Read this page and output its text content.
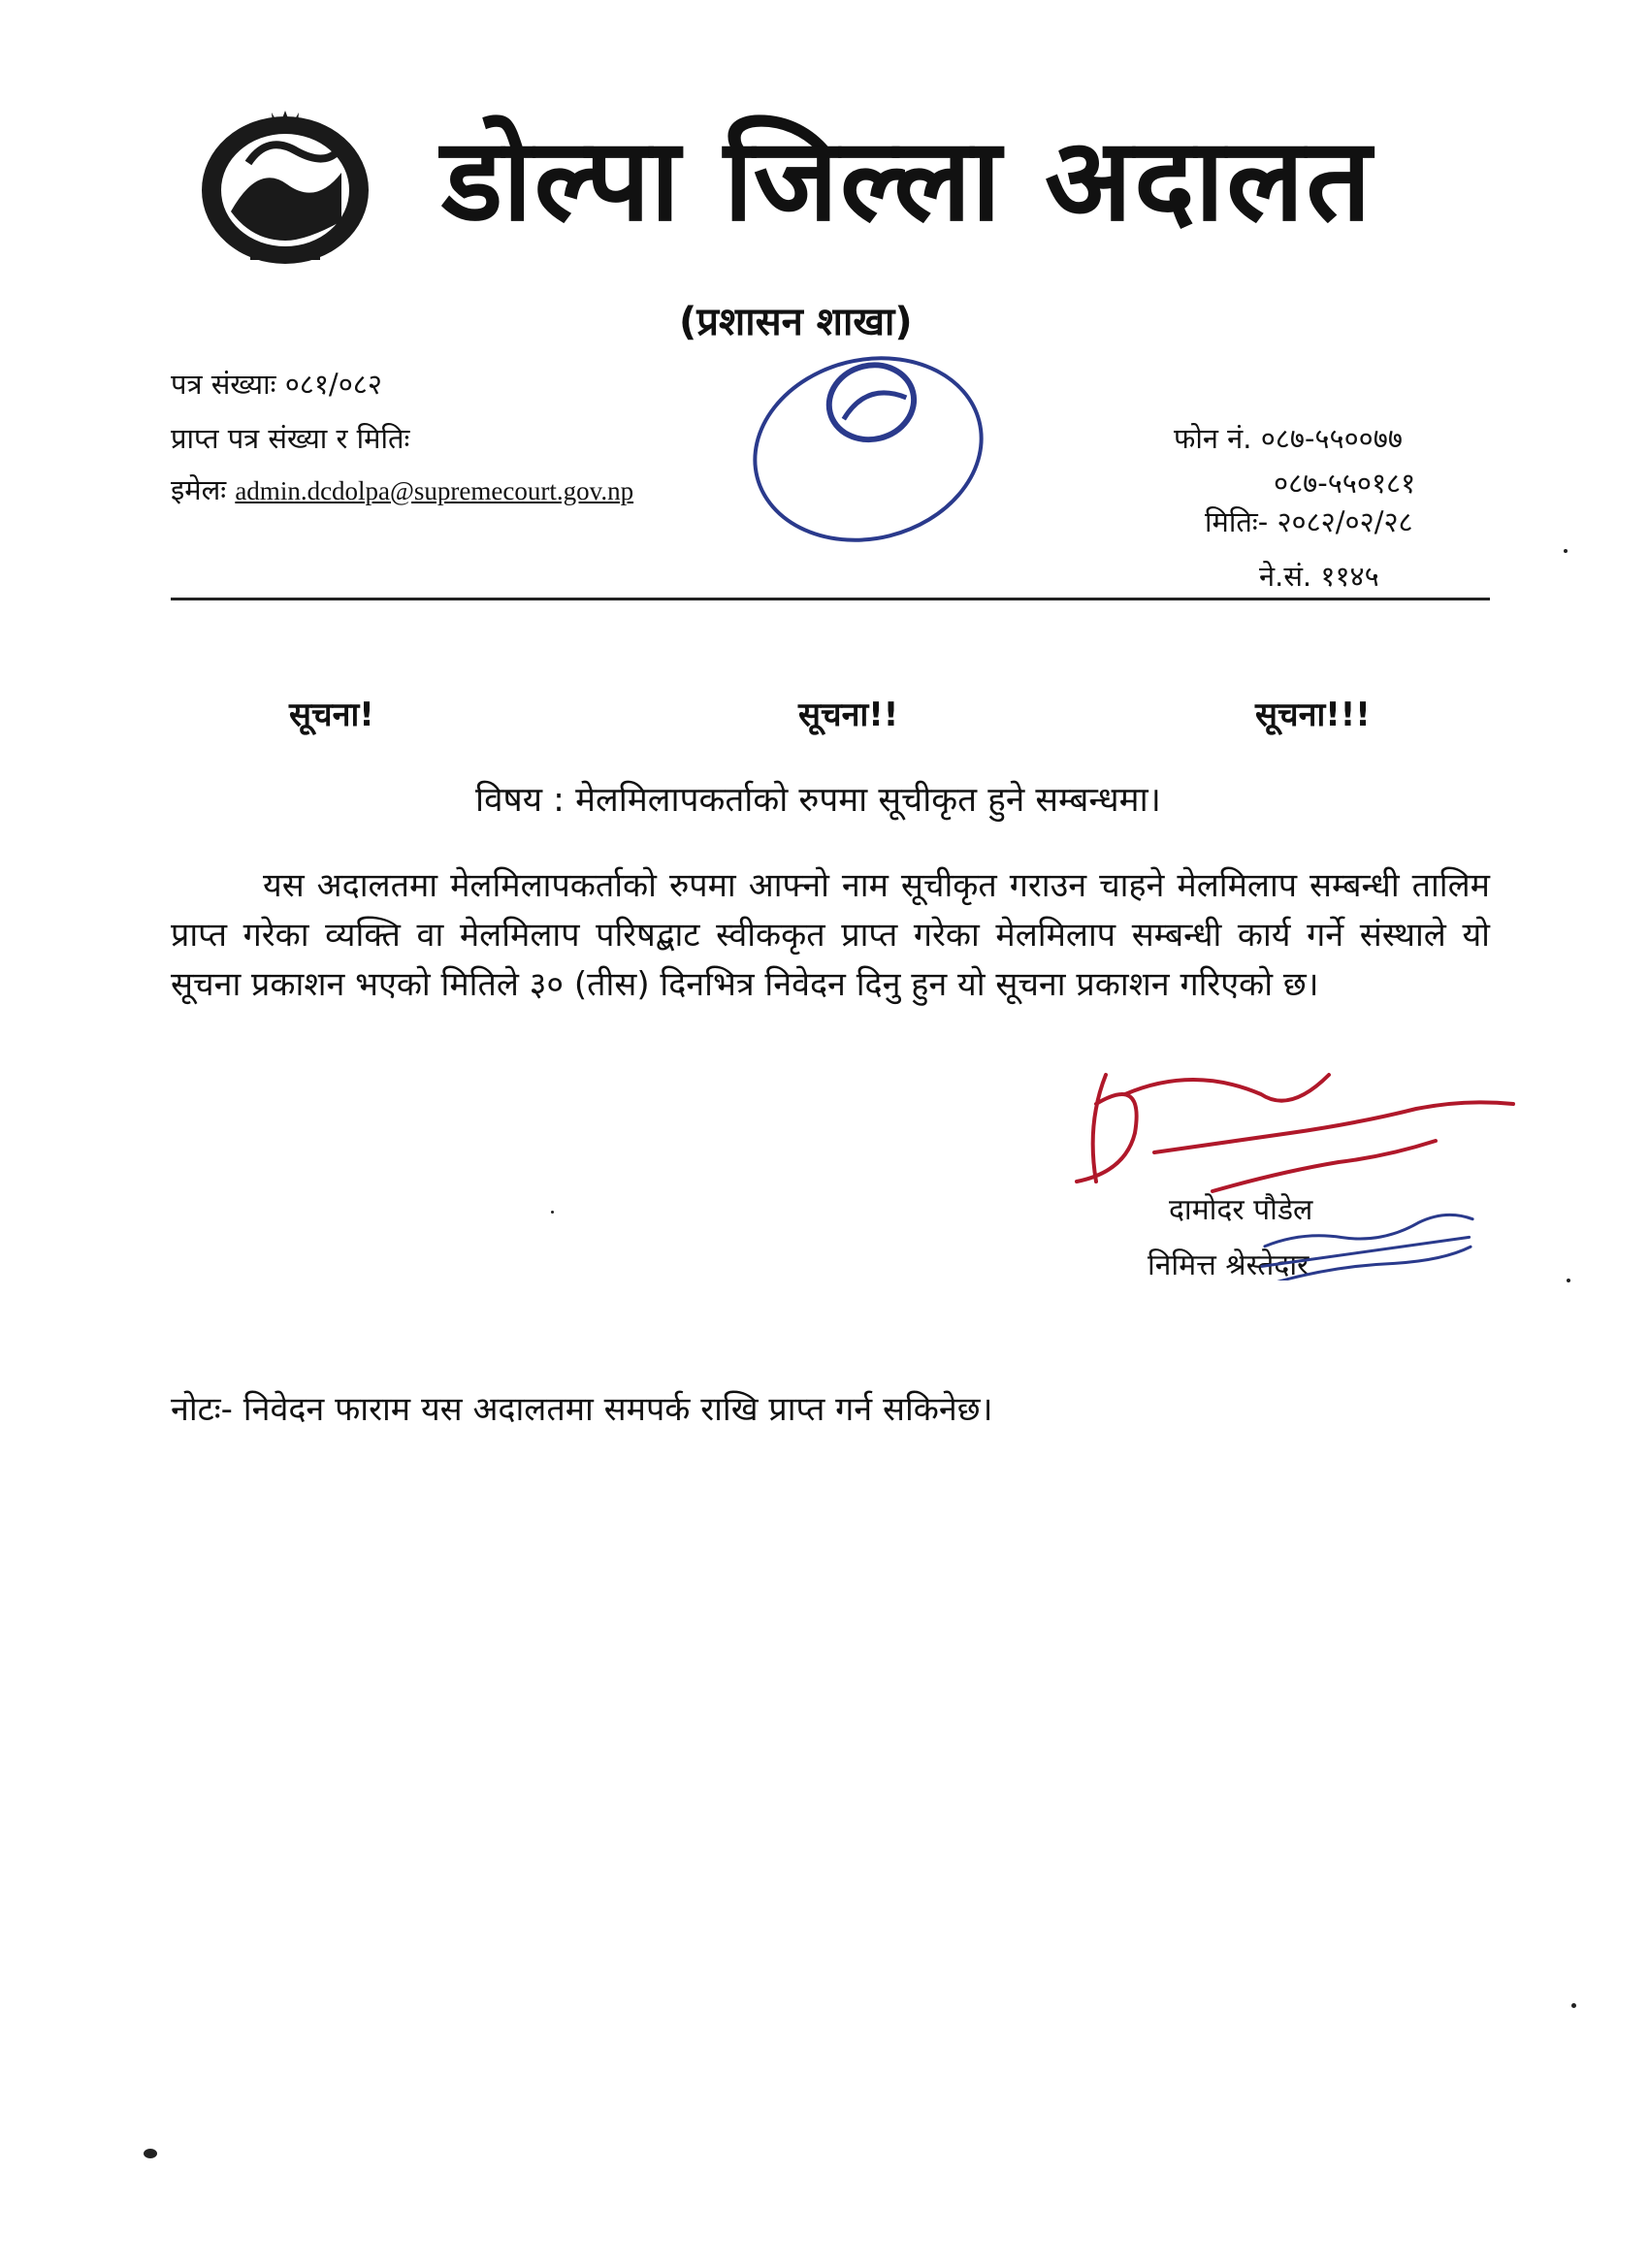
डोल्पा जिल्ला अदालत
(प्रशासन शाखा)
पत्र संख्याः ०८१/०८२
प्राप्त पत्र संख्या र मितिः
इमेलः admin.dcdolpa@supremecourt.gov.np
फोन नं. ०८७-५५००७७
०८७-५५०१८१
मितिः- २०८२/०२/२८
ने.सं. ११४५
सूचना!	सूचना!!	सूचना!!!
विषय : मेलमिलापकर्ताको रुपमा सूचीकृत हुने सम्बन्धमा।
यस अदालतमा मेलमिलापकर्ताको रुपमा आफ्नो नाम सूचीकृत गराउन चाहने मेलमिलाप सम्बन्धी तालिम प्राप्त गरेका व्यक्ति वा मेलमिलाप परिषद्बाट स्वीककृत प्राप्त गरेका मेलमिलाप सम्बन्धी कार्य गर्ने संस्थाले यो सूचना प्रकाशन भएको मितिले ३० (तीस) दिनभित्र निवेदन दिनु हुन यो सूचना प्रकाशन गरिएको छ।
दामोदर पौडेल
निमित्त श्रेस्तेदार
नोटः- निवेदन फाराम यस अदालतमा समपर्क राखि प्राप्त गर्न सकिनेछ।
